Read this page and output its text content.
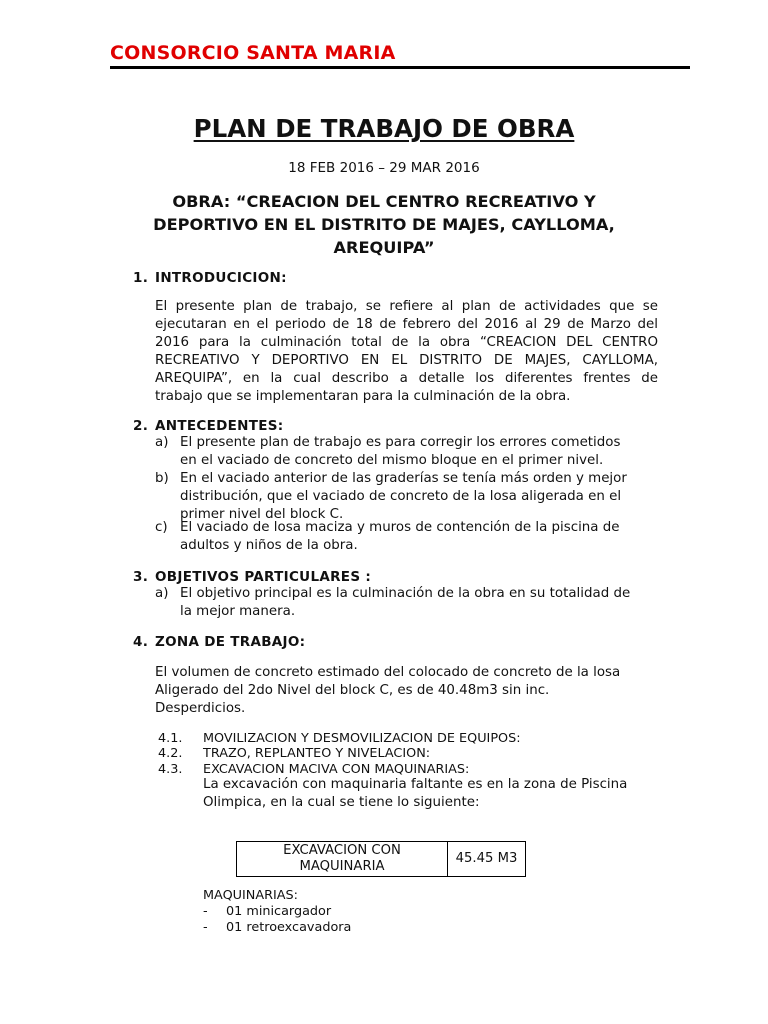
CONSORCIO SANTA MARIA
PLAN DE TRABAJO DE OBRA
18 FEB 2016 – 29 MAR 2016
OBRA: “CREACION DEL CENTRO RECREATIVO Y
DEPORTIVO EN EL DISTRITO DE MAJES, CAYLLOMA,
AREQUIPA”
1. INTRODUCICION:
El presente plan de trabajo, se refiere al plan de actividades que se
ejecutaran en el periodo de 18 de febrero del 2016 al 29 de Marzo del
2016 para la culminación total de la obra “CREACION DEL CENTRO
RECREATIVO Y DEPORTIVO EN EL DISTRITO DE MAJES, CAYLLOMA,
AREQUIPA”, en la cual describo a detalle los diferentes frentes de
trabajo que se implementaran para la culminación de la obra.
2. ANTECEDENTES:
a) El presente plan de trabajo es para corregir los errores cometidos
en el vaciado de concreto del mismo bloque en el primer nivel.
b) En el vaciado anterior de las graderías se tenía más orden y mejor
distribución, que el vaciado de concreto de la losa aligerada en el
primer nivel del block C.
c) El vaciado de losa maciza y muros de contención de la piscina de
adultos y niños de la obra.
3. OBJETIVOS PARTICULARES :
a) El objetivo principal es la culminación de la obra en su totalidad de
la mejor manera.
4. ZONA DE TRABAJO:
El volumen de concreto estimado del colocado de concreto de la losa
Aligerado del 2do Nivel del block C, es de 40.48m3 sin inc.
Desperdicios.
4.1. MOVILIZACION Y DESMOVILIZACION DE EQUIPOS:
4.2. TRAZO, REPLANTEO Y NIVELACION:
4.3. EXCAVACION MACIVA CON MAQUINARIAS:
La excavación con maquinaria faltante es en la zona de Piscina
Olimpica, en la cual se tiene lo siguiente:
EXCAVACION CON
MAQUINARIA
	45.45 M3
MAQUINARIAS:
- 01 minicargador
- 01 retroexcavadora
